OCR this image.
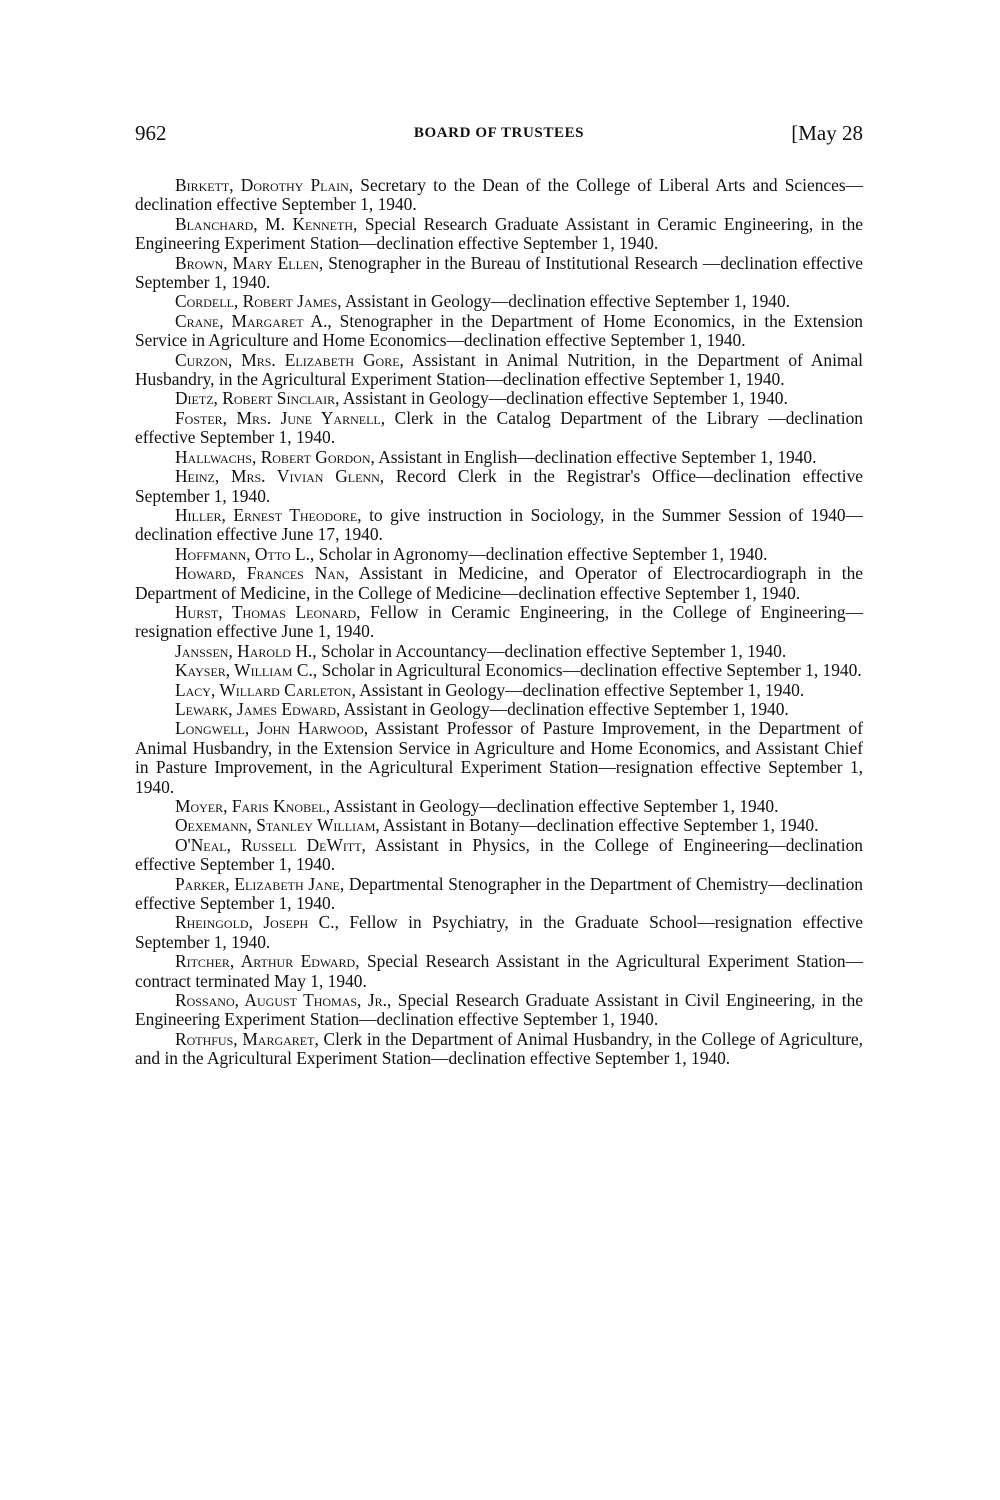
962	BOARD OF TRUSTEES	[May 28

Birkett, Dorothy Plain, Secretary to the Dean of the College of Liberal Arts and Sciences—declination effective September 1, 1940.

Blanchard, M. Kenneth, Special Research Graduate Assistant in Ceramic Engineering, in the Engineering Experiment Station—declination effective September 1, 1940.

Brown, Mary Ellen, Stenographer in the Bureau of Institutional Research —declination effective September 1, 1940.

Cordell, Robert James, Assistant in Geology—declination effective September 1, 1940.

Crane, Margaret A., Stenographer in the Department of Home Economics, in the Extension Service in Agriculture and Home Economics—declination effective September 1, 1940.

Curzon, Mrs. Elizabeth Gore, Assistant in Animal Nutrition, in the Department of Animal Husbandry, in the Agricultural Experiment Station—declination effective September 1, 1940.

Dietz, Robert Sinclair, Assistant in Geology—declination effective September 1, 1940.

Foster, Mrs. June Yarnell, Clerk in the Catalog Department of the Library —declination effective September 1, 1940.

Hallwachs, Robert Gordon, Assistant in English—declination effective September 1, 1940.

Heinz, Mrs. Vivian Glenn, Record Clerk in the Registrar's Office—declination effective September 1, 1940.

Hiller, Ernest Theodore, to give instruction in Sociology, in the Summer Session of 1940—declination effective June 17, 1940.

Hoffmann, Otto L., Scholar in Agronomy—declination effective September 1, 1940.

Howard, Frances Nan, Assistant in Medicine, and Operator of Electrocardiograph in the Department of Medicine, in the College of Medicine—declination effective September 1, 1940.

Hurst, Thomas Leonard, Fellow in Ceramic Engineering, in the College of Engineering—resignation effective June 1, 1940.

Janssen, Harold H., Scholar in Accountancy—declination effective September 1, 1940.

Kayser, William C., Scholar in Agricultural Economics—declination effective September 1, 1940.

Lacy, Willard Carleton, Assistant in Geology—declination effective September 1, 1940.

Lewark, James Edward, Assistant in Geology—declination effective September 1, 1940.

Longwell, John Harwood, Assistant Professor of Pasture Improvement, in the Department of Animal Husbandry, in the Extension Service in Agriculture and Home Economics, and Assistant Chief in Pasture Improvement, in the Agricultural Experiment Station—resignation effective September 1, 1940.

Moyer, Faris Knobel, Assistant in Geology—declination effective September 1, 1940.

Oexemann, Stanley William, Assistant in Botany—declination effective September 1, 1940.

O'Neal, Russell DeWitt, Assistant in Physics, in the College of Engineering—declination effective September 1, 1940.

Parker, Elizabeth Jane, Departmental Stenographer in the Department of Chemistry—declination effective September 1, 1940.

Rheingold, Joseph C., Fellow in Psychiatry, in the Graduate School—resignation effective September 1, 1940.

Ritcher, Arthur Edward, Special Research Assistant in the Agricultural Experiment Station—contract terminated May 1, 1940.

Rossano, August Thomas, Jr., Special Research Graduate Assistant in Civil Engineering, in the Engineering Experiment Station—declination effective September 1, 1940.

Rothfus, Margaret, Clerk in the Department of Animal Husbandry, in the College of Agriculture, and in the Agricultural Experiment Station—declination effective September 1, 1940.
